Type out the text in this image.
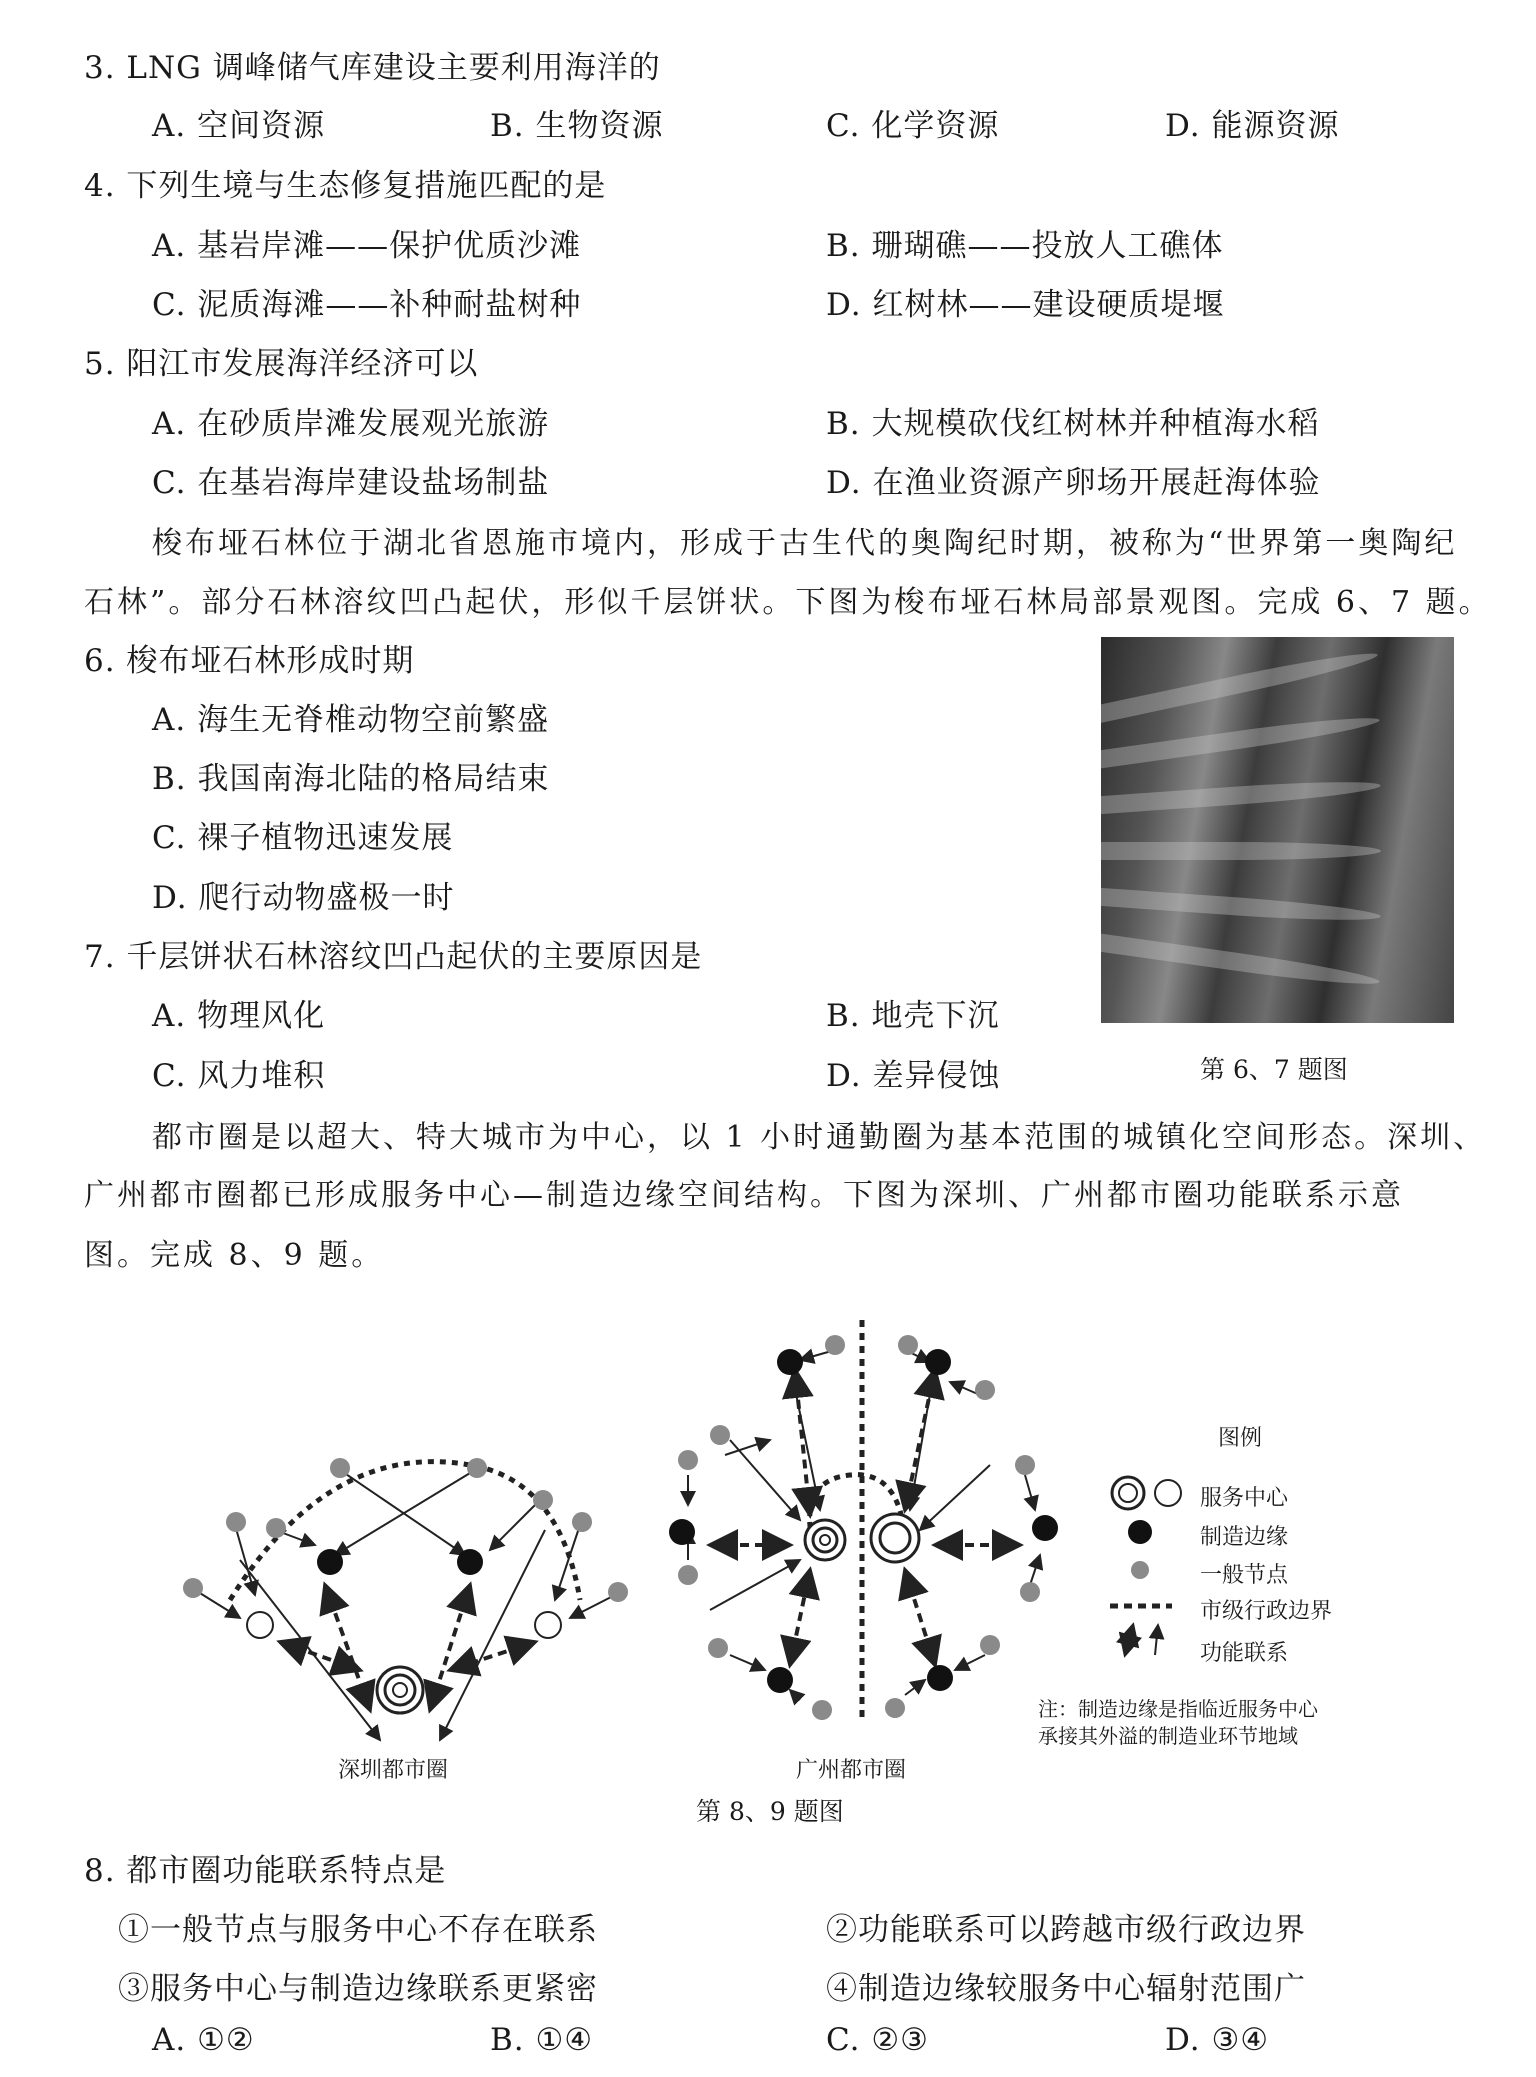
3. LNG 调峰储气库建设主要利用海洋的
A. 空间资源	B. 生物资源	C. 化学资源	D. 能源资源
4. 下列生境与生态修复措施匹配的是
A. 基岩岸滩——保护优质沙滩	B. 珊瑚礁——投放人工礁体
C. 泥质海滩——补种耐盐树种	D. 红树林——建设硬质堤堰
5. 阳江市发展海洋经济可以
A. 在砂质岸滩发展观光旅游	B. 大规模砍伐红树林并种植海水稻
C. 在基岩海岸建设盐场制盐	D. 在渔业资源产卵场开展赶海体验
梭布垭石林位于湖北省恩施市境内，形成于古生代的奥陶纪时期，被称为“世界第一奥陶纪
石林”。部分石林溶纹凹凸起伏，形似千层饼状。下图为梭布垭石林局部景观图。完成 6、7 题。
6. 梭布垭石林形成时期
A. 海生无脊椎动物空前繁盛
B. 我国南海北陆的格局结束
C. 裸子植物迅速发展
D. 爬行动物盛极一时
第 6、7 题图
7. 千层饼状石林溶纹凹凸起伏的主要原因是
A. 物理风化	B. 地壳下沉
C. 风力堆积	D. 差异侵蚀
都市圈是以超大、特大城市为中心，以 1 小时通勤圈为基本范围的城镇化空间形态。深圳、
广州都市圈都已形成服务中心—制造边缘空间结构。下图为深圳、广州都市圈功能联系示意
图。完成 8、9 题。
图例
服务中心
制造边缘
一般节点
市级行政边界
功能联系
注：制造边缘是指临近服务中心
承接其外溢的制造业环节地域
深圳都市圈	广州都市圈
第 8、9 题图
8. 都市圈功能联系特点是
①一般节点与服务中心不存在联系	②功能联系可以跨越市级行政边界
③服务中心与制造边缘联系更紧密	④制造边缘较服务中心辐射范围广
A. ①②	B. ①④	C. ②③	D. ③④
